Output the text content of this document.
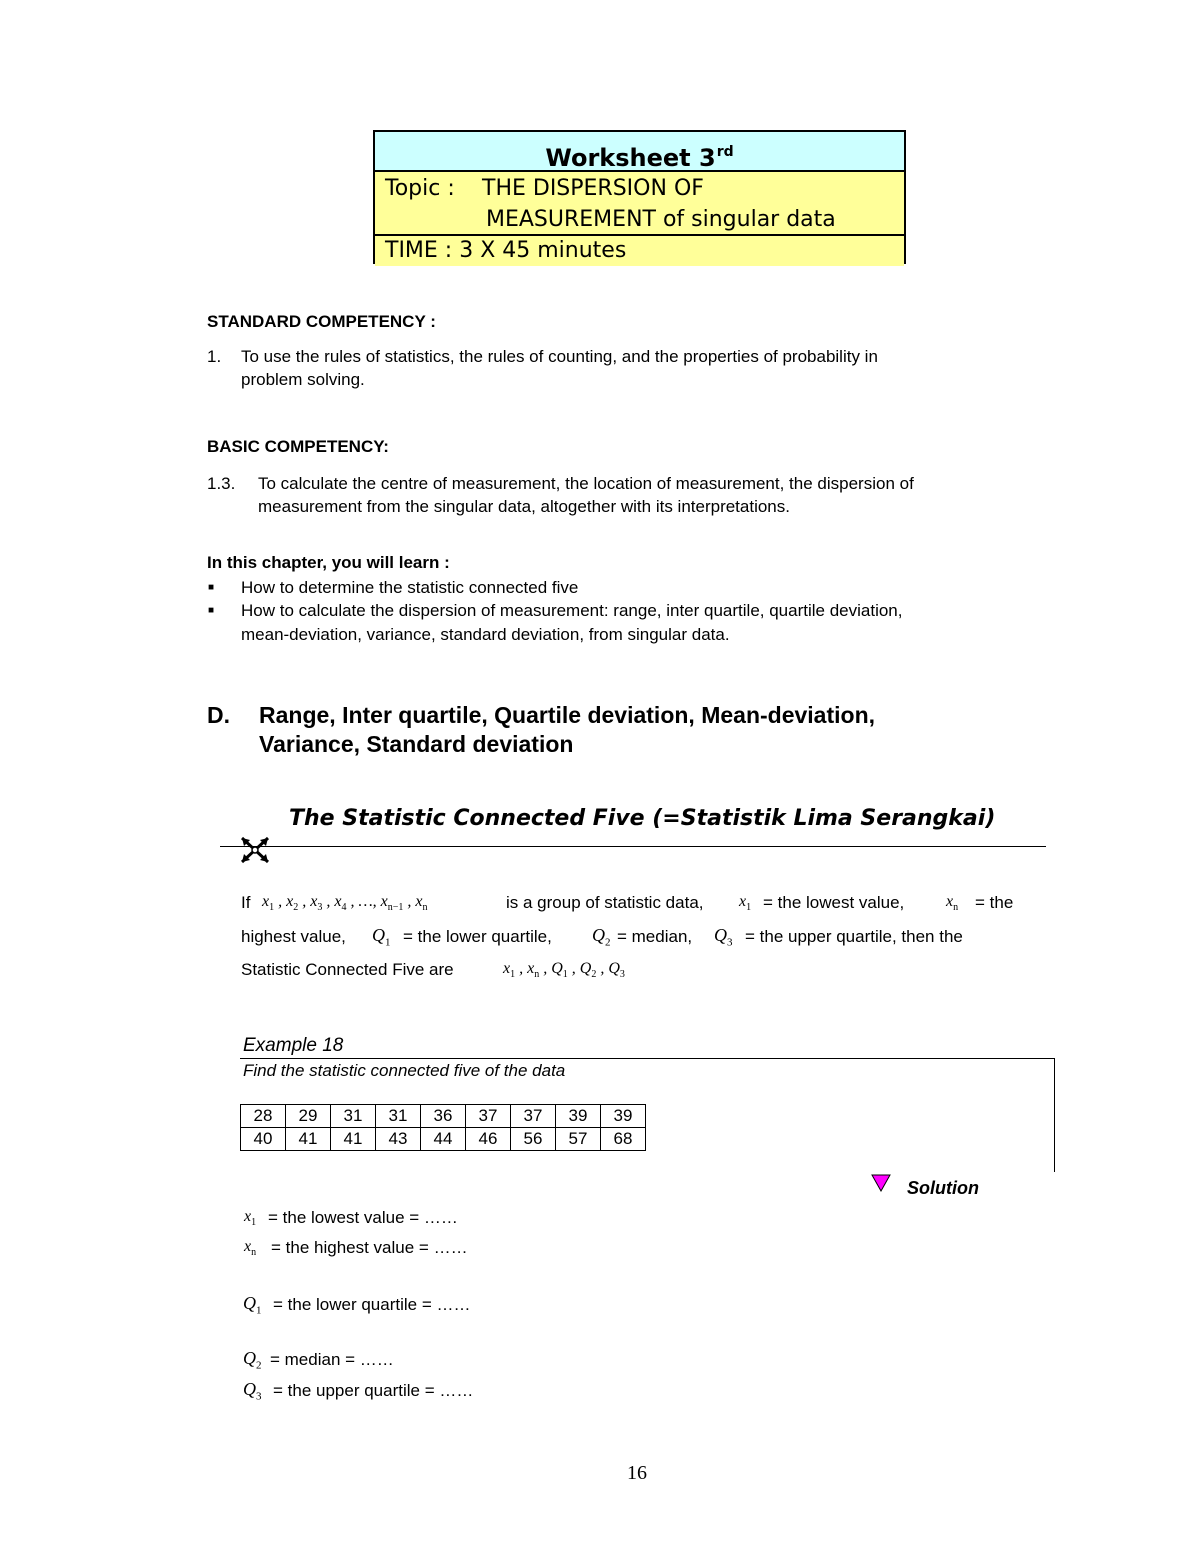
Worksheet 3rd
Topic : THE DISPERSION OF
MEASUREMENT of singular data
TIME : 3 X 45 minutes
STANDARD COMPETENCY :
1. To use the rules of statistics, the rules of counting, and the properties of probability in
problem solving.
BASIC COMPETENCY:
1.3. To calculate the centre of measurement, the location of measurement, the dispersion of
measurement from the singular data, altogether with its interpretations.
In this chapter, you will learn :
■ How to determine the statistic connected five
■ How to calculate the dispersion of measurement: range, inter quartile, quartile deviation,
mean-deviation, variance, standard deviation, from singular data.
D. Range, Inter quartile, Quartile deviation, Mean-deviation,
Variance, Standard deviation
The Statistic Connected Five (=Statistik Lima Serangkai)
If $x_1$ , $x_2$ , $x_3$ , $x_4$ , …, $x_{n-1}$ , $x_n$	is a group of statistic data, $x_1$ = the lowest value,	$x_n$ = the
highest value, $Q_1$ = the lower quartile, $Q_2$ = median, $Q_3$ = the upper quartile, then the
Statistic Connected Five are	$x_1$ , $x_n$ , $Q_1$ , $Q_2$ , $Q_3$
Example 18
Find the statistic connected five of the data
28	29	31	31	36	37	37	39	39
40	41	41	43	44	46	56	57	68
Solution
$x_1$ = the lowest value = ……
$x_n$ = the highest value = ……
$Q_1$ = the lower quartile = ……
$Q_2$ = median = ……
$Q_3$ = the upper quartile = ……
16
